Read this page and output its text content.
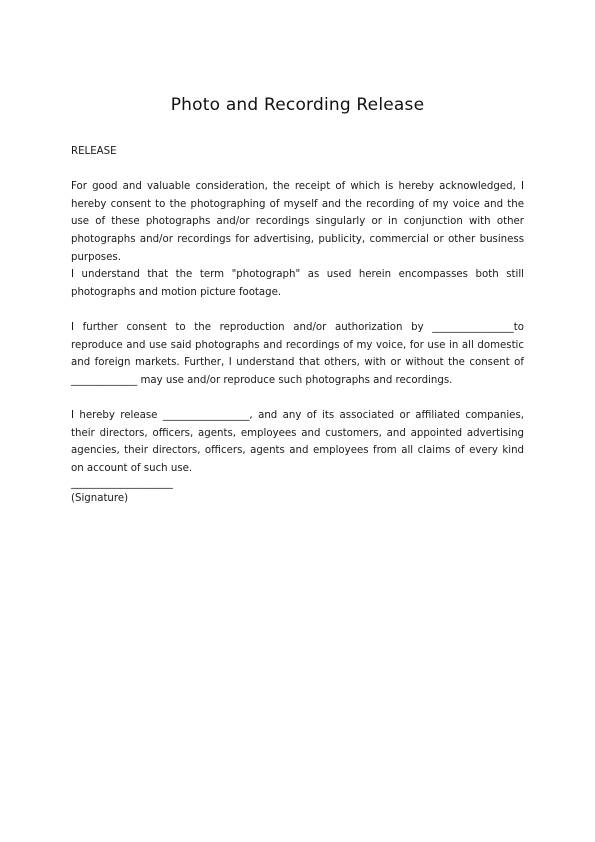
Photo and Recording Release

RELEASE

For good and valuable consideration, the receipt of which is hereby acknowledged, I hereby consent to the photographing of myself and the recording of my voice and the use of these photographs and/or recordings singularly or in conjunction with other photographs and/or recordings for advertising, publicity, commercial or other business purposes.

I understand that the term "photograph" as used herein encompasses both still photographs and motion picture footage.

I further consent to the reproduction and/or authorization by ________________to reproduce and use said photographs and recordings of my voice, for use in all domestic and foreign markets. Further, I understand that others, with or without the consent of _____________ may use and/or reproduce such photographs and recordings.

I hereby release _________________, and any of its associated or affiliated companies, their directors, officers, agents, employees and customers, and appointed advertising agencies, their directors, officers, agents and employees from all claims of every kind on account of such use.

____________________

(Signature)
